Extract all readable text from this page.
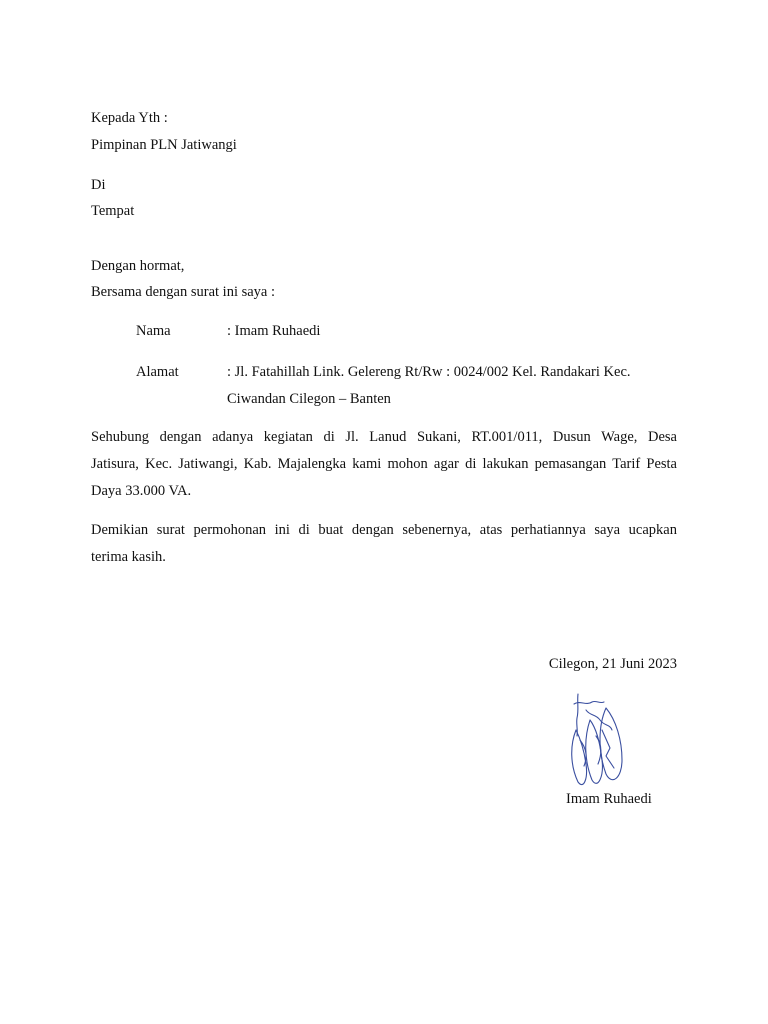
Kepada Yth :
Pimpinan PLN Jatiwangi
Di
Tempat
Dengan hormat,
Bersama dengan surat ini saya :
Nama	: Imam Ruhaedi
Alamat	: Jl. Fatahillah Link. Gelereng Rt/Rw : 0024/002 Kel. Randakari Kec.
Ciwandan Cilegon – Banten
Sehubung dengan adanya kegiatan di Jl. Lanud Sukani, RT.001/011, Dusun Wage, Desa
Jatisura, Kec. Jatiwangi, Kab. Majalengka kami mohon agar di lakukan pemasangan Tarif Pesta
Daya 33.000 VA.
Demikian surat permohonan ini di buat dengan sebenernya, atas perhatiannya saya ucapkan
terima kasih.
Cilegon, 21 Juni 2023
Imam Ruhaedi
